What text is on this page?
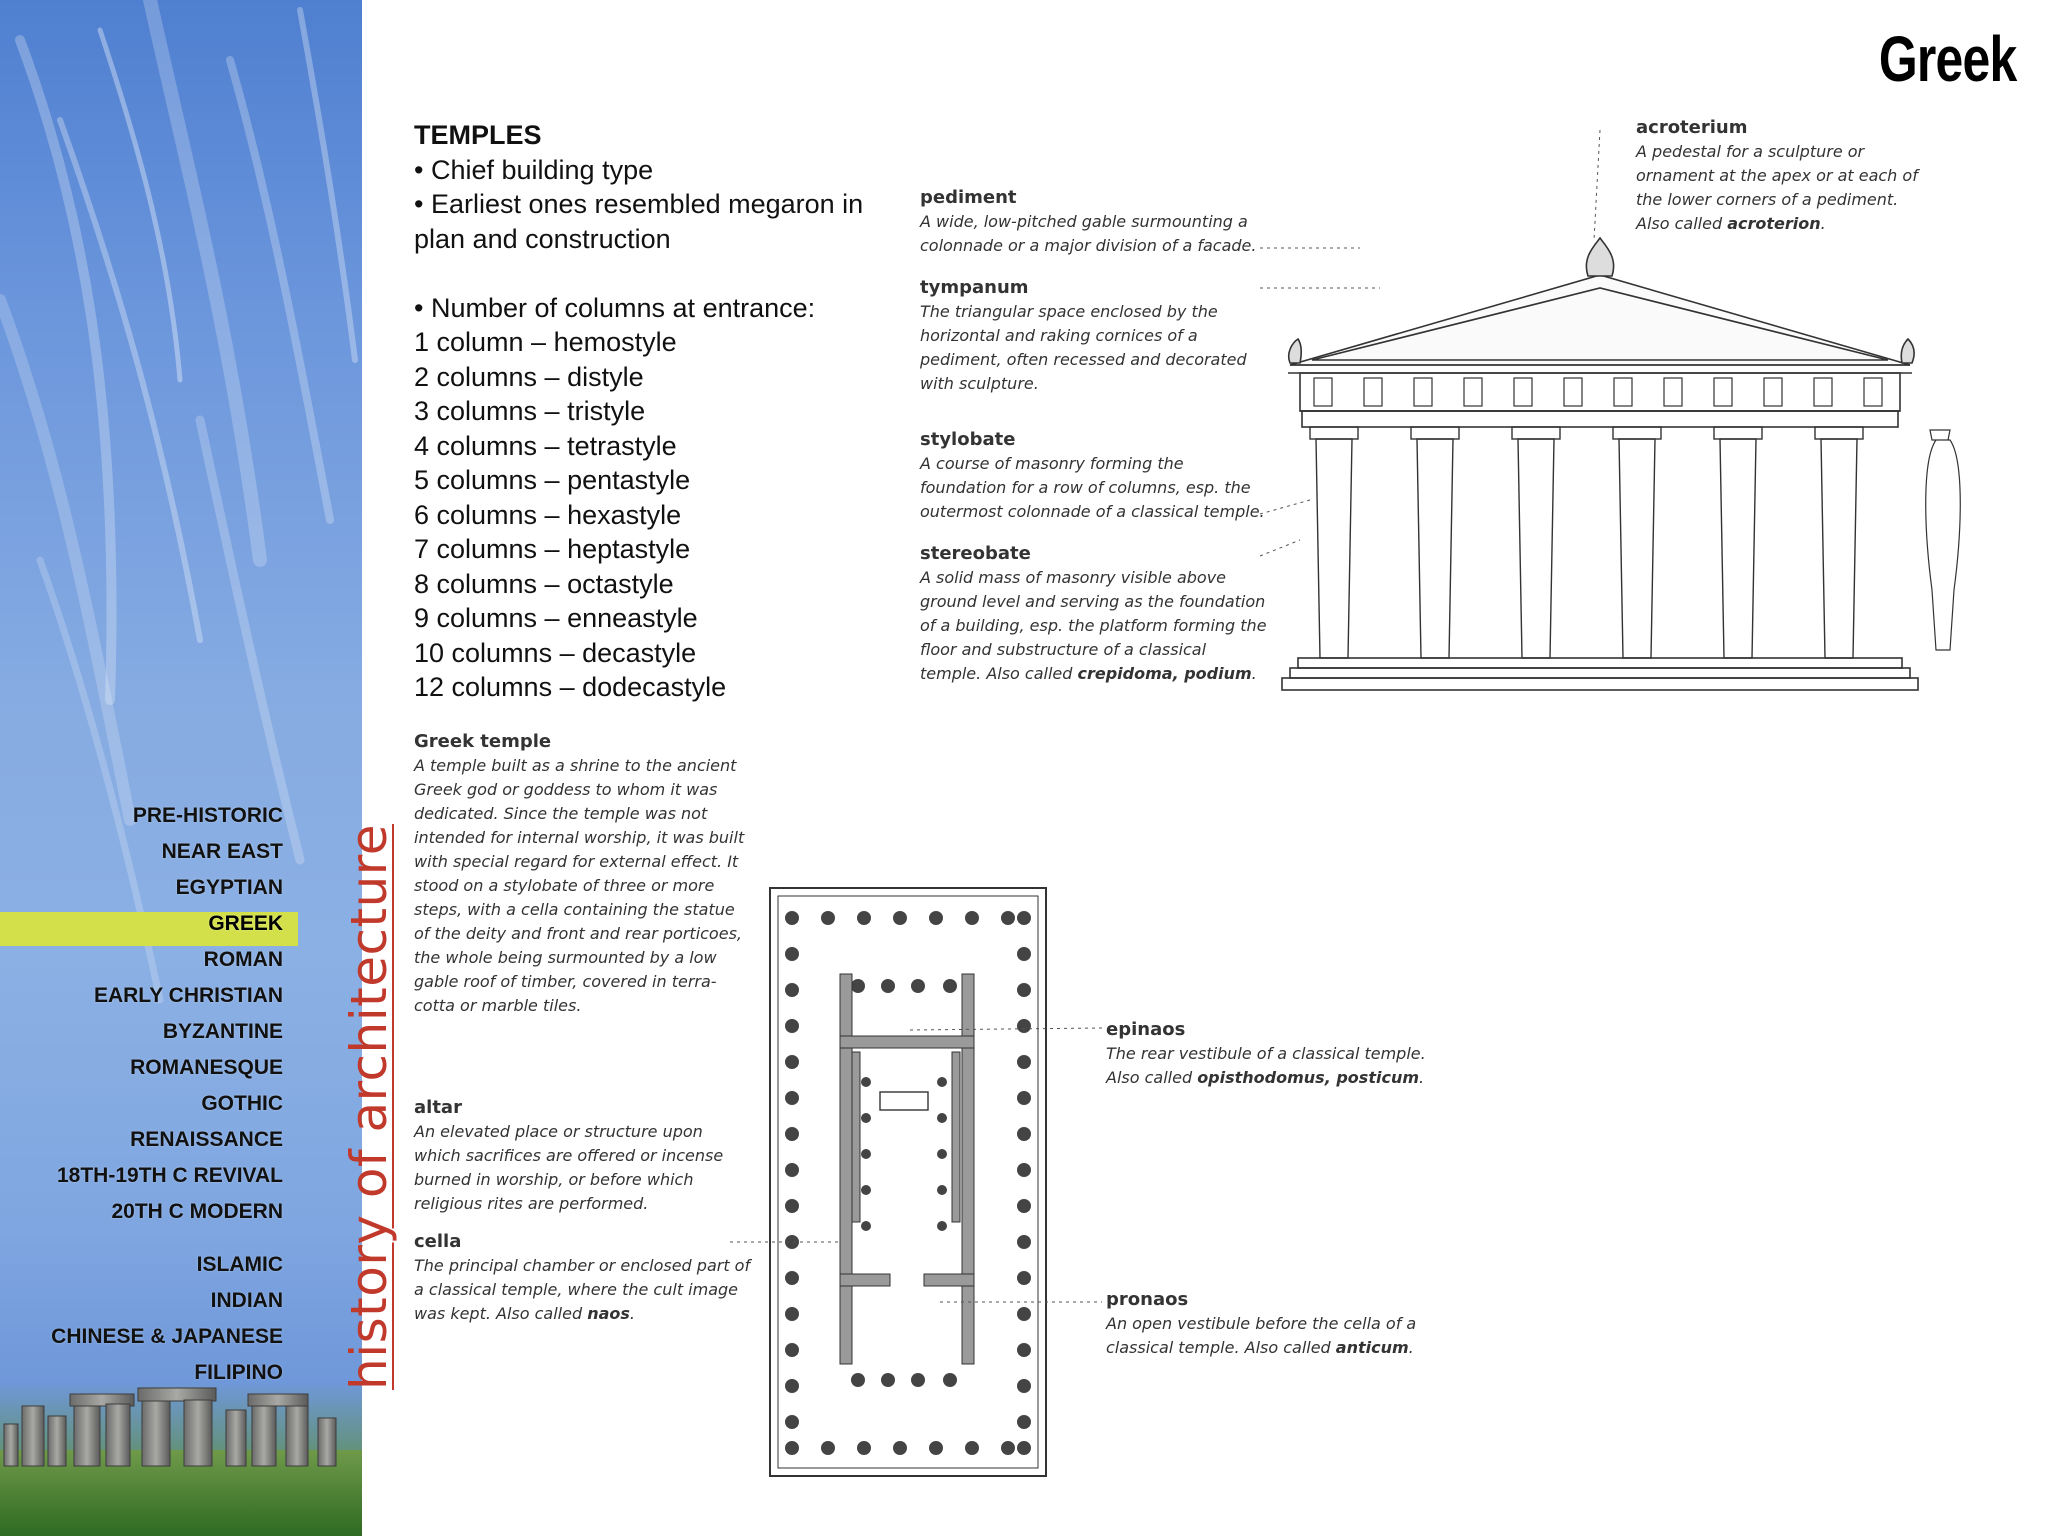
PRE-HISTORIC
NEAR EAST
EGYPTIAN
GREEK
ROMAN
EARLY CHRISTIAN
BYZANTINE
ROMANESQUE
GOTHIC
RENAISSANCE
18TH-19TH C REVIVAL
20TH C MODERN
ISLAMIC
INDIAN
CHINESE & JAPANESE
FILIPINO history of architecture
Greek
TEMPLES
• Chief building type
• Earliest ones resembled megaron in plan and construction
• Number of columns at entrance:
1 column – hemostyle
2 columns – distyle
3 columns – tristyle
4 columns – tetrastyle
5 columns – pentastyle
6 columns – hexastyle
7 columns – heptastyle
8 columns – octastyle
9 columns – enneastyle
10 columns – decastyle
12 columns – dodecastyle
pediment
A wide, low-pitched gable surmounting a
colonnade or a major division of a facade.
tympanum
The triangular space enclosed by the
horizontal and raking cornices of a
pediment, often recessed and decorated
with sculpture.
stylobate
A course of masonry forming the
foundation for a row of columns, esp. the
outermost colonnade of a classical temple.
stereobate
A solid mass of masonry visible above
ground level and serving as the foundation
of a building, esp. the platform forming the
floor and substructure of a classical
temple. Also called crepidoma, podium.
acroterium
A pedestal for a sculpture or
ornament at the apex or at each of
the lower corners of a pediment.
Also called acroterion.
Greek temple
A temple built as a shrine to the ancient
Greek god or goddess to whom it was
dedicated. Since the temple was not
intended for internal worship, it was built
with special regard for external effect. It
stood on a stylobate of three or more
steps, with a cella containing the statue
of the deity and front and rear porticoes,
the whole being surmounted by a low
gable roof of timber, covered in terra-
cotta or marble tiles.
altar
An elevated place or structure upon
which sacrifices are offered or incense
burned in worship, or before which
religious rites are performed.
cella
The principal chamber or enclosed part of
a classical temple, where the cult image
was kept. Also called naos.
epinaos
The rear vestibule of a classical temple.
Also called opisthodomus, posticum.
pronaos
An open vestibule before the cella of a
classical temple. Also called anticum.
